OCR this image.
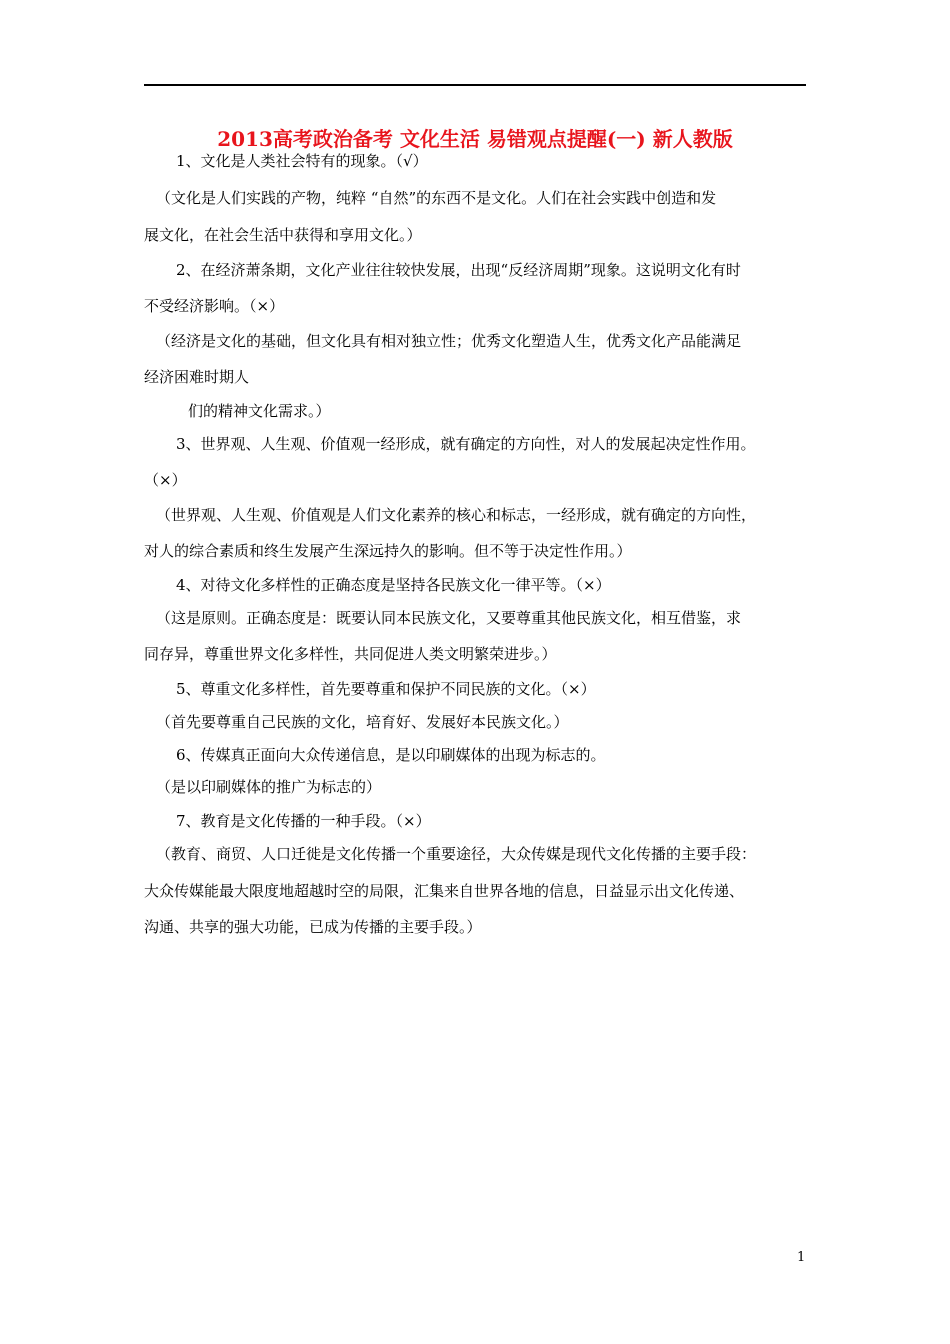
2013高考政治备考 文化生活 易错观点提醒(一) 新人教版
1、文化是人类社会特有的现象。（√）
（文化是人们实践的产物，纯粹 “自然”的东西不是文化。人们在社会实践中创造和发
展文化，在社会生活中获得和享用文化。）
2、在经济萧条期，文化产业往往较快发展，出现“反经济周期”现象。这说明文化有时
不受经济影响。（×）
（经济是文化的基础，但文化具有相对独立性；优秀文化塑造人生，优秀文化产品能满足
经济困难时期人
们的精神文化需求。）
3、世界观、人生观、价值观一经形成，就有确定的方向性，对人的发展起决定性作用。
（×）
（世界观、人生观、价值观是人们文化素养的核心和标志，一经形成，就有确定的方向性，
对人的综合素质和终生发展产生深远持久的影响。但不等于决定性作用。）
4、对待文化多样性的正确态度是坚持各民族文化一律平等。（×）
（这是原则。正确态度是：既要认同本民族文化，又要尊重其他民族文化，相互借鉴，求
同存异，尊重世界文化多样性，共同促进人类文明繁荣进步。）
5、尊重文化多样性，首先要尊重和保护不同民族的文化。（×）
（首先要尊重自己民族的文化，培育好、发展好本民族文化。）
6、传媒真正面向大众传递信息，是以印刷媒体的出现为标志的。
（是以印刷媒体的推广为标志的）
7、教育是文化传播的一种手段。（×）
（教育、商贸、人口迁徙是文化传播一个重要途径，大众传媒是现代文化传播的主要手段：
大众传媒能最大限度地超越时空的局限，汇集来自世界各地的信息，日益显示出文化传递、
沟通、共享的强大功能，已成为传播的主要手段。）
1
